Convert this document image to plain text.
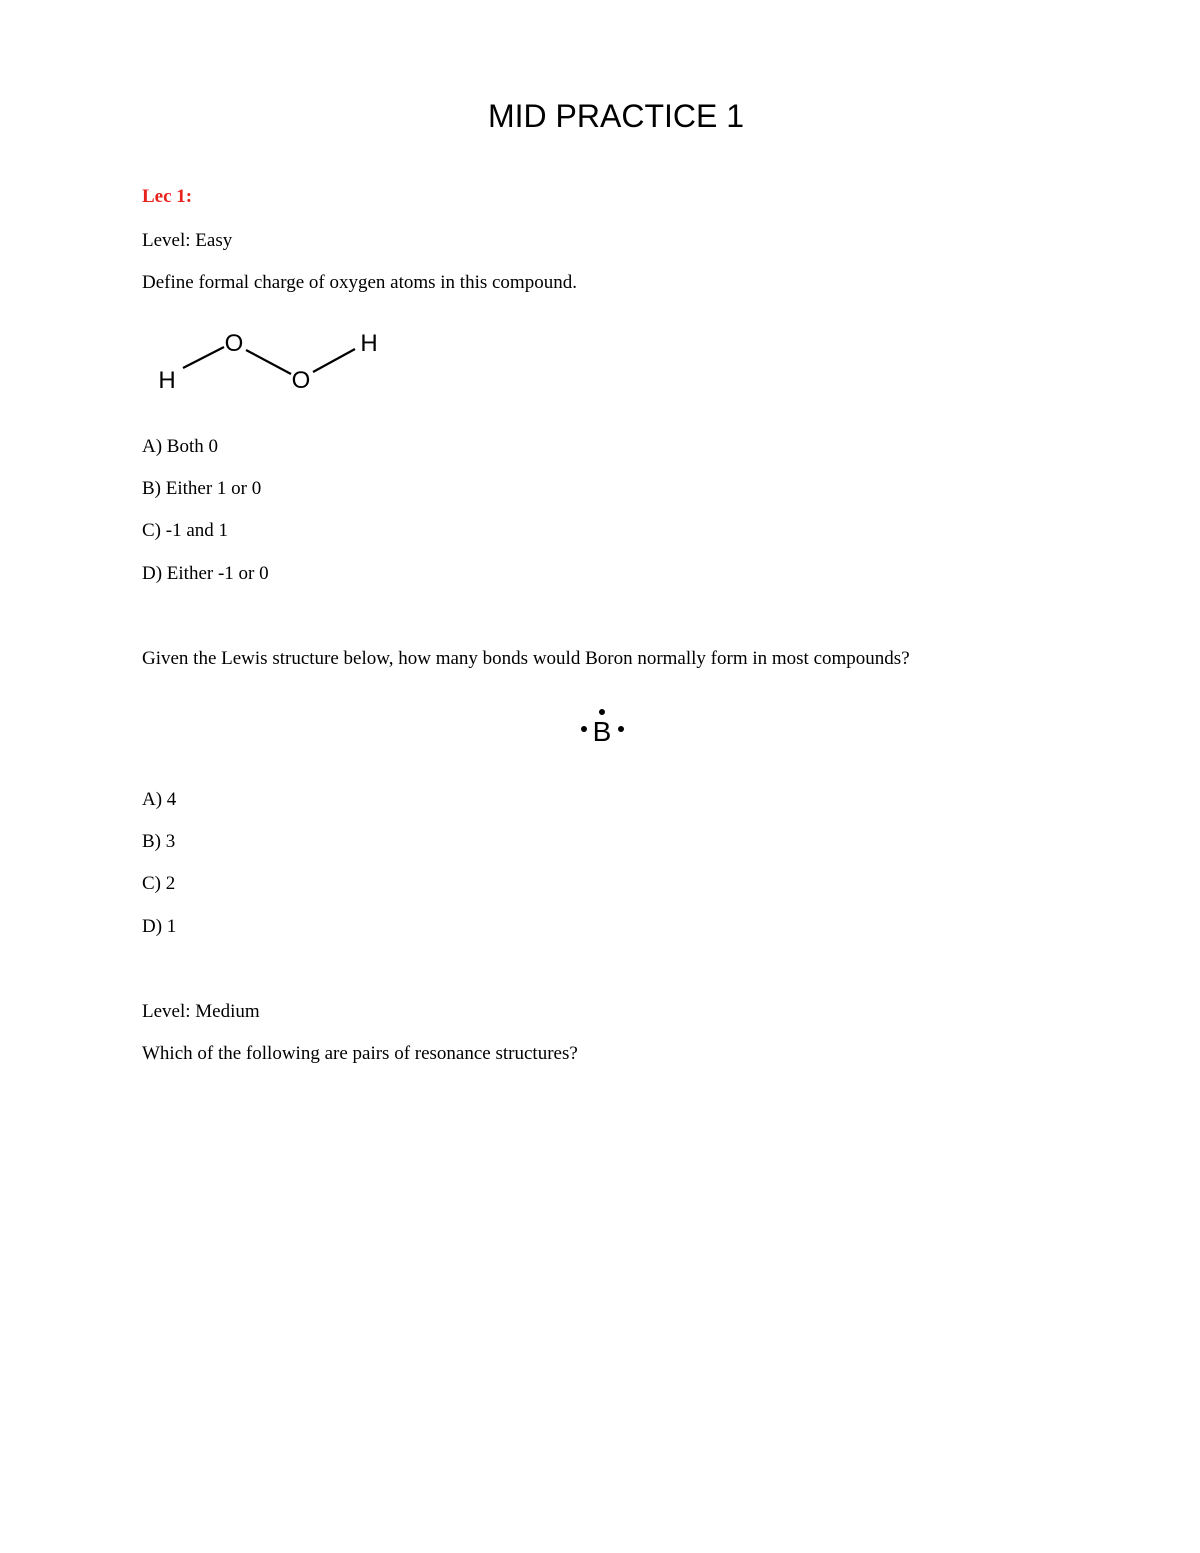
MID PRACTICE 1
Lec 1:
Level: Easy
Define formal charge of oxygen atoms in this compound.
H
O
O
H
A) Both 0
B) Either 1 or 0
C) -1 and 1
D) Either -1 or 0
Given the Lewis structure below, how many bonds would Boron normally form in most compounds?
B
A) 4
B) 3
C) 2
D) 1
Level: Medium
Which of the following are pairs of resonance structures?
